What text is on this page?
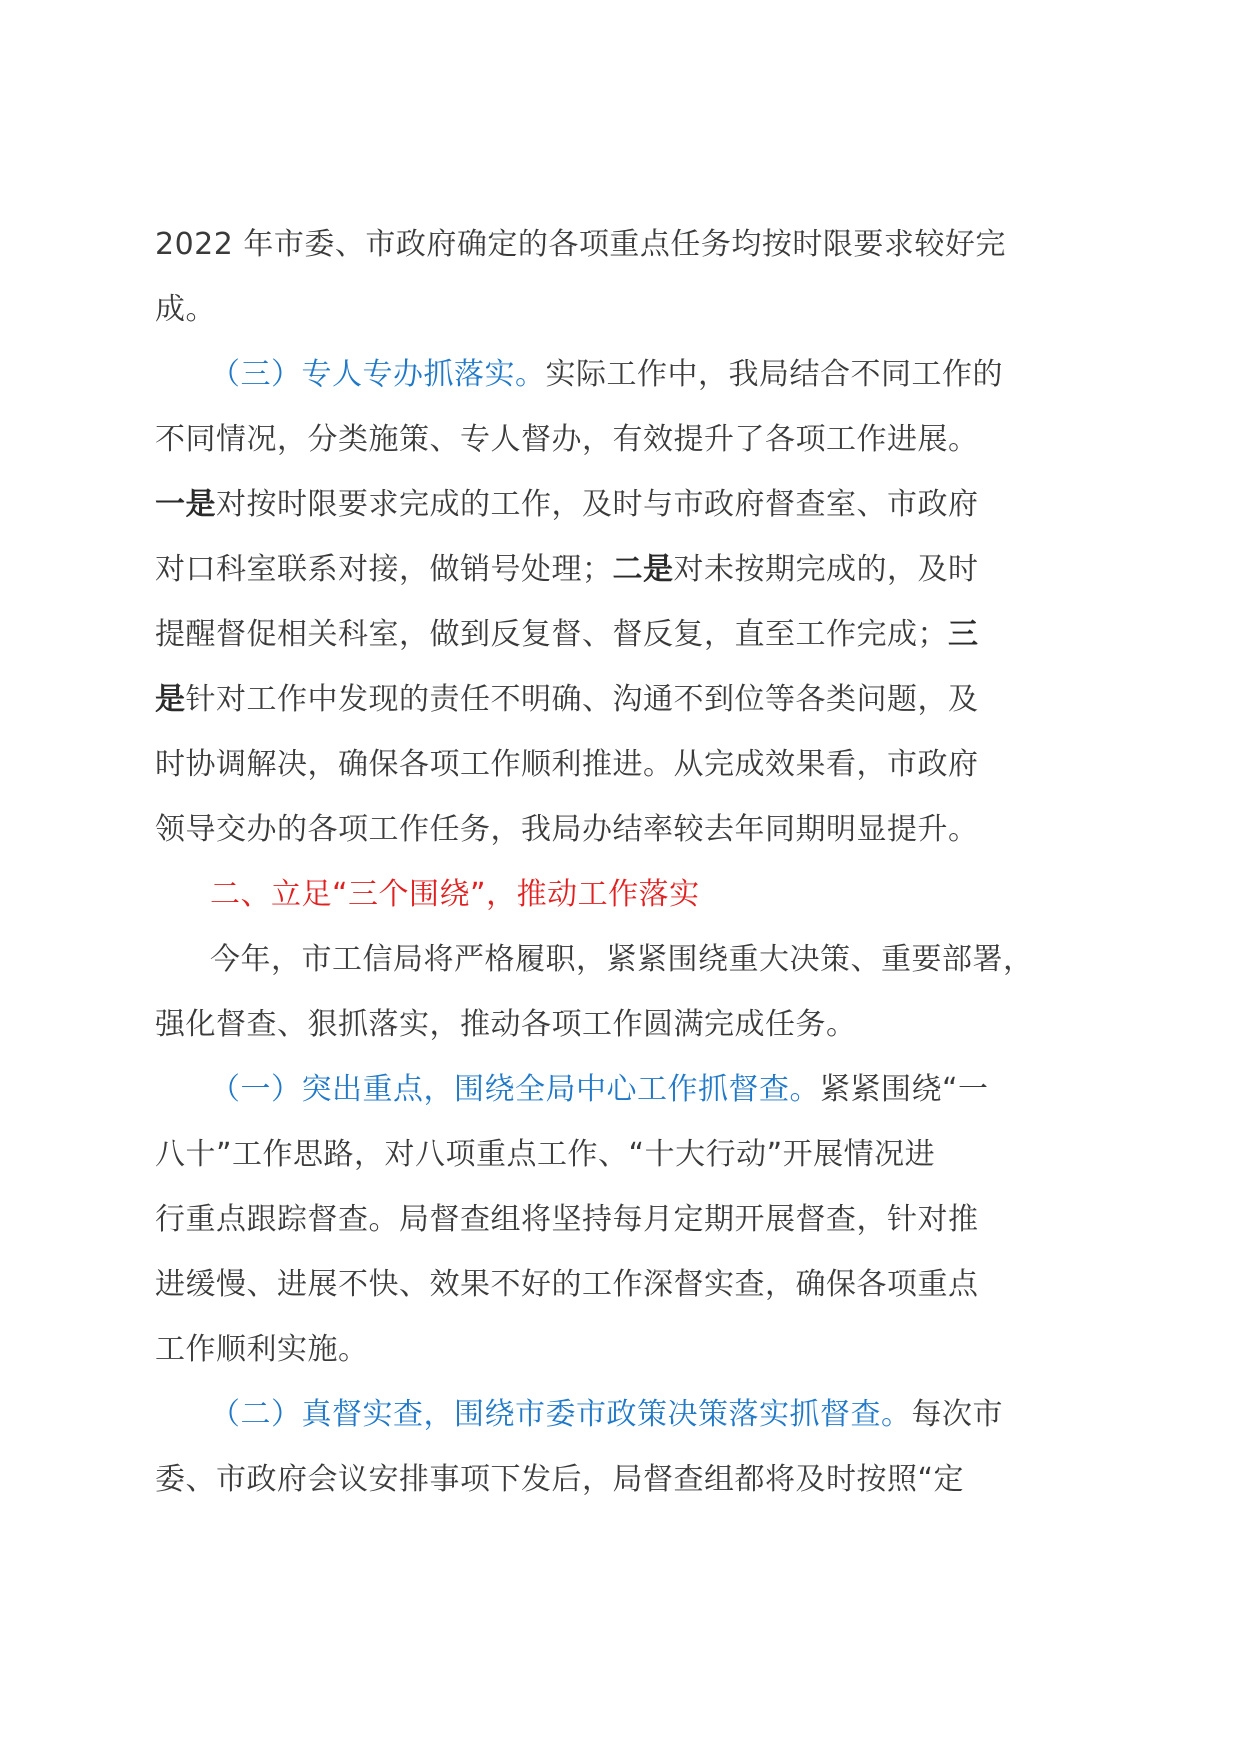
2022 年市委、市政府确定的各项重点任务均按时限要求较好完
成。
（三）专人专办抓落实。实际工作中，我局结合不同工作的
不同情况，分类施策、专人督办，有效提升了各项工作进展。
一是对按时限要求完成的工作，及时与市政府督查室、市政府
对口科室联系对接，做销号处理；二是对未按期完成的，及时
提醒督促相关科室，做到反复督、督反复，直至工作完成；三
是针对工作中发现的责任不明确、沟通不到位等各类问题，及
时协调解决，确保各项工作顺利推进。从完成效果看，市政府
领导交办的各项工作任务，我局办结率较去年同期明显提升。
二、立足“三个围绕”，推动工作落实
今年，市工信局将严格履职，紧紧围绕重大决策、重要部署，
强化督查、狠抓落实，推动各项工作圆满完成任务。
（一）突出重点，围绕全局中心工作抓督查。紧紧围绕“一
八十”工作思路，对八项重点工作、“十大行动”开展情况进
行重点跟踪督查。局督查组将坚持每月定期开展督查，针对推
进缓慢、进展不快、效果不好的工作深督实查，确保各项重点
工作顺利实施。
（二）真督实查，围绕市委市政策决策落实抓督查。每次市
委、市政府会议安排事项下发后，局督查组都将及时按照“定
